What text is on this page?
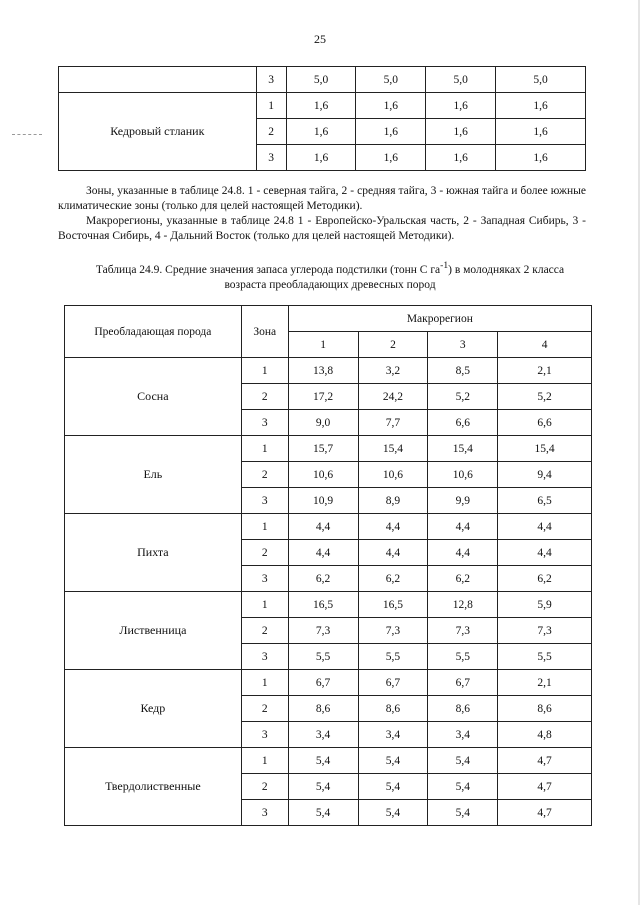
25
	3	5,0	5,0	5,0	5,0
Кедровый стланик	1	1,6	1,6	1,6	1,6
	2	1,6	1,6	1,6	1,6
	3	1,6	1,6	1,6	1,6
Зоны, указанные в таблице 24.8. 1 - северная тайга, 2 - средняя тайга, 3 - южная тайга и более южные климатические зоны (только для целей настоящей Методики).
Макрорегионы, указанные в таблице 24.8 1 - Европейско-Уральская часть, 2 - Западная Сибирь, 3 - Восточная Сибирь, 4 - Дальний Восток (только для целей настоящей Методики).
Таблица 24.9. Средние значения запаса углерода подстилки (тонн С $га^{-1}$) в молодняках 2 класса возраста преобладающих древесных пород
Преобладающая порода	Зона	Макрорегион			
		1	2	3	4
Сосна	1	13,8	3,2	8,5	2,1
	2	17,2	24,2	5,2	5,2
	3	9,0	7,7	6,6	6,6
Ель	1	15,7	15,4	15,4	15,4
	2	10,6	10,6	10,6	9,4
	3	10,9	8,9	9,9	6,5
Пихта	1	4,4	4,4	4,4	4,4
	2	4,4	4,4	4,4	4,4
	3	6,2	6,2	6,2	6,2
Лиственница	1	16,5	16,5	12,8	5,9
	2	7,3	7,3	7,3	7,3
	3	5,5	5,5	5,5	5,5
Кедр	1	6,7	6,7	6,7	2,1
	2	8,6	8,6	8,6	8,6
	3	3,4	3,4	3,4	4,8
Твердолиственные	1	5,4	5,4	5,4	4,7
	2	5,4	5,4	5,4	4,7
	3	5,4	5,4	5,4	4,7
